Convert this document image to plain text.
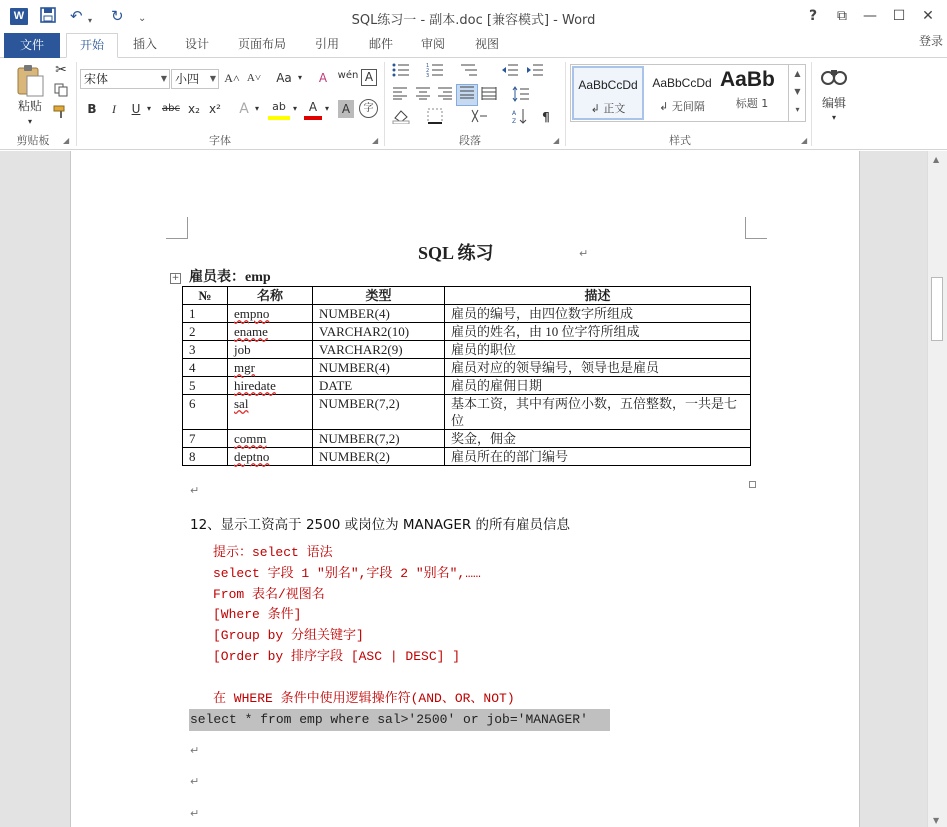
W	↶ ▾ ↻ ⌄	SQL练习一 - 副本.doc [兼容模式] - Word	?	⧉	—	☐	✕
文件	开始	插入	设计	页面布局	引用	邮件	审阅	视图	登录
粘贴
▾
✂
剪贴板	◢
宋体	▼ 小四 ▼ A˄ A˅ Aa ▾	A	wén A
B	I	U ▾	abc x₂ x² A ▾	ab ▾ A ▾	A	字
字体	◢
1
2
3
A
Z	¶
段落	◢
AaBbCcDd
↲ 正文
AaBbCcDd
↲ 无间隔
AaBb
标题 1
▲
▼
▾
样式	◢
编辑
▾
SQL 练习	↵
+ 雇员表：emp
№	名称	类型	描述
1	empno	NUMBER(4)	雇员的编号，由四位数字所组成
2	ename	VARCHAR2(10)	雇员的姓名，由 10 位字符所组成
3	job	VARCHAR2(9)	雇员的职位
4	mgr	NUMBER(4)	雇员对应的领导编号，领导也是雇员
5	hiredate	DATE	雇员的雇佣日期
6	sal	NUMBER(7,2)	基本工资，其中有两位小数，五倍整数，一共是七位
7	comm	NUMBER(7,2)	奖金，佣金
8	deptno	NUMBER(2)	雇员所在的部门编号
↵
12、显示工资高于 2500 或岗位为 MANAGER 的所有雇员信息
提示：select 语法
select 字段 1 "别名",字段 2 "别名",……
From 表名/视图名
[Where 条件]
[Group by 分组关键字]
[Order by 排序字段 [ASC | DESC] ]
在 WHERE 条件中使用逻辑操作符(AND、OR、NOT)
select * from emp where sal>'2500' or job='MANAGER'
↵
↵
↵
▲
▼
